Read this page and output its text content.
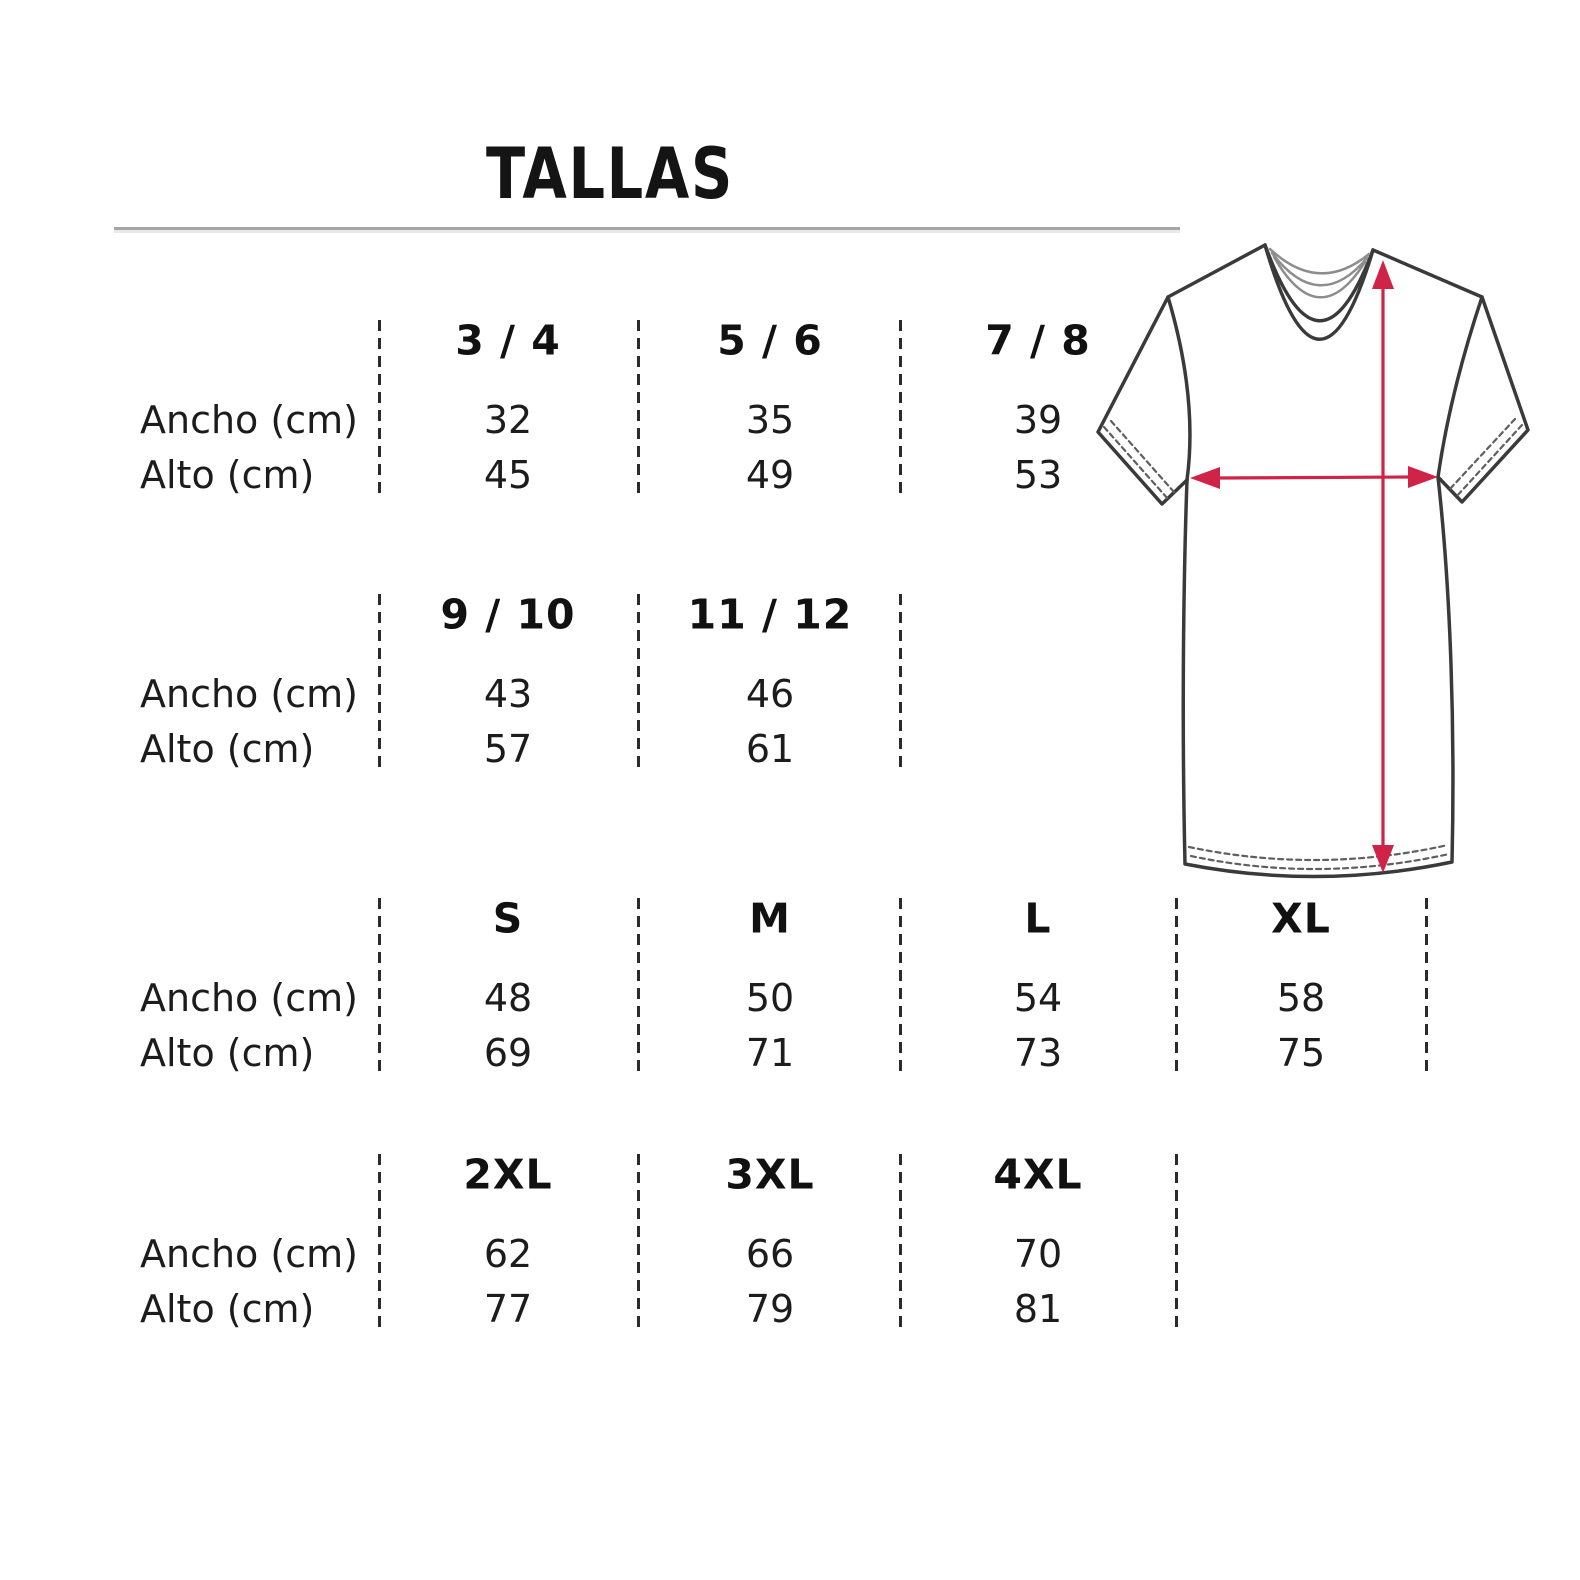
TALLAS
3 / 4
32
45
5 / 6
35
49
7 / 8
39
53
Ancho (cm)
Alto (cm)
9 / 10
43
57
11 / 12
46
61
Ancho (cm)
Alto (cm)
S
48
69
M
50
71
L
54
73
XL
58
75
Ancho (cm)
Alto (cm)
2XL
62
77
3XL
66
79
4XL
70
81
Ancho (cm)
Alto (cm)
